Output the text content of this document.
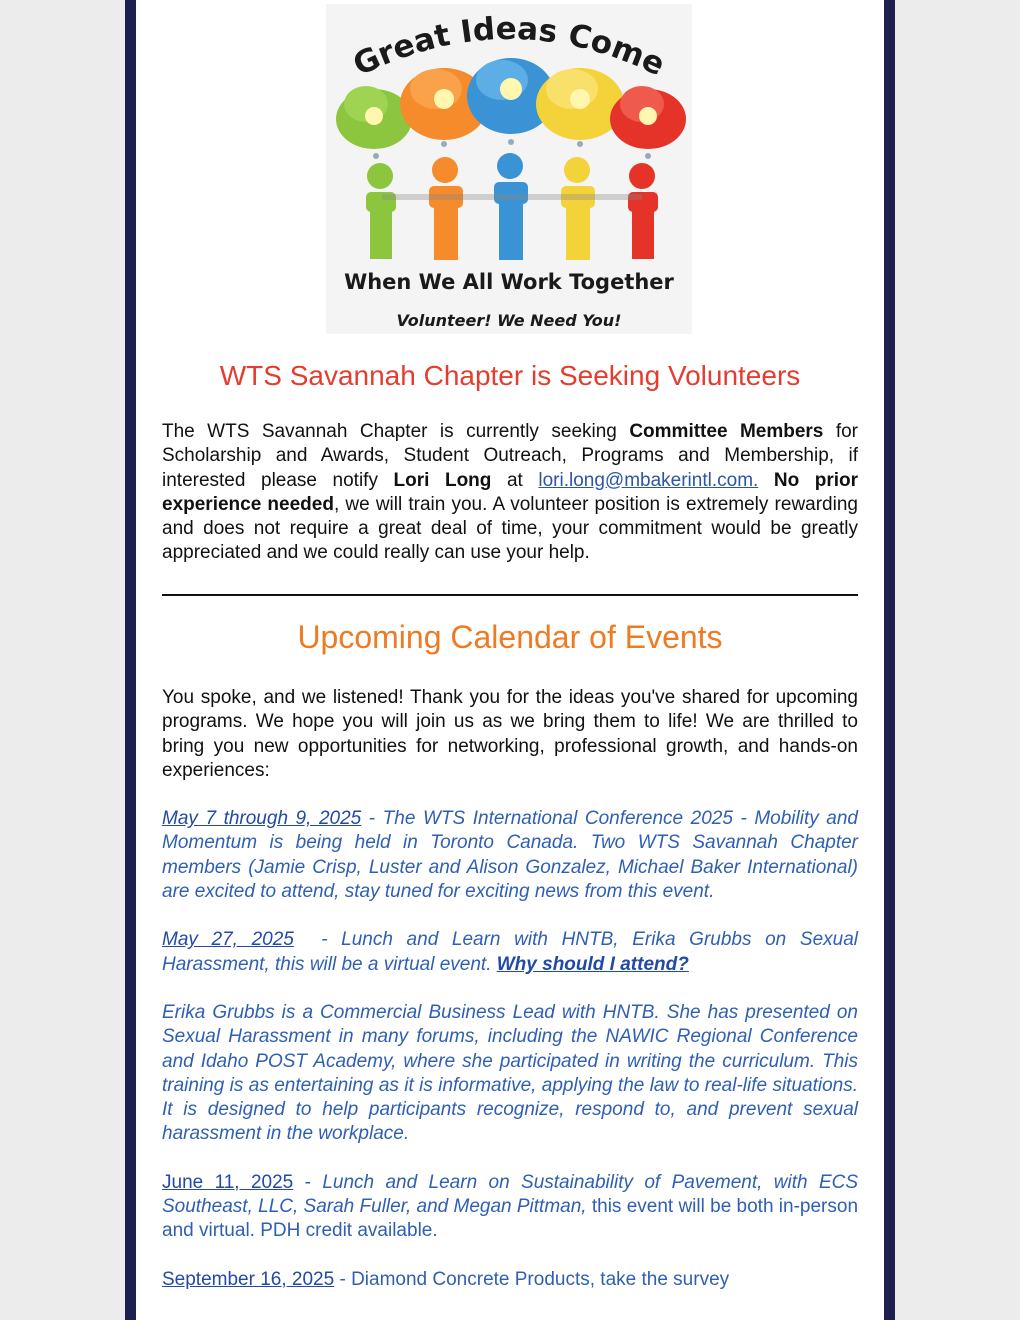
Great Ideas Come
When We All Work Together
Volunteer! We Need You!
WTS Savannah Chapter is Seeking Volunteers

The WTS Savannah Chapter is currently seeking Committee Members for Scholarship and Awards, Student Outreach, Programs and Membership, if interested please notify Lori Long at lori.long@mbakerintl.com. No prior experience needed, we will train you. A volunteer position is extremely rewarding and does not require a great deal of time, your commitment would be greatly appreciated and we could really can use your help.

Upcoming Calendar of Events

You spoke, and we listened! Thank you for the ideas you've shared for upcoming programs. We hope you will join us as we bring them to life! We are thrilled to bring you new opportunities for networking, professional growth, and hands-on experiences:

May 7 through 9, 2025 - The WTS International Conference 2025 - Mobility and Momentum is being held in Toronto Canada. Two WTS Savannah Chapter members (Jamie Crisp, Luster and Alison Gonzalez, Michael Baker International) are excited to attend, stay tuned for exciting news from this event.

May 27, 2025  - Lunch and Learn with HNTB, Erika Grubbs on Sexual Harassment, this will be a virtual event. Why should I attend?

Erika Grubbs is a Commercial Business Lead with HNTB. She has presented on Sexual Harassment in many forums, including the NAWIC Regional Conference and Idaho POST Academy, where she participated in writing the curriculum. This training is as entertaining as it is informative, applying the law to real-life situations. It is designed to help participants recognize, respond to, and prevent sexual harassment in the workplace.

June 11, 2025 - Lunch and Learn on Sustainability of Pavement, with ECS Southeast, LLC, Sarah Fuller, and Megan Pittman, this event will be both in-person and virtual. PDH credit available.

September 16, 2025 - Diamond Concrete Products, take the survey
